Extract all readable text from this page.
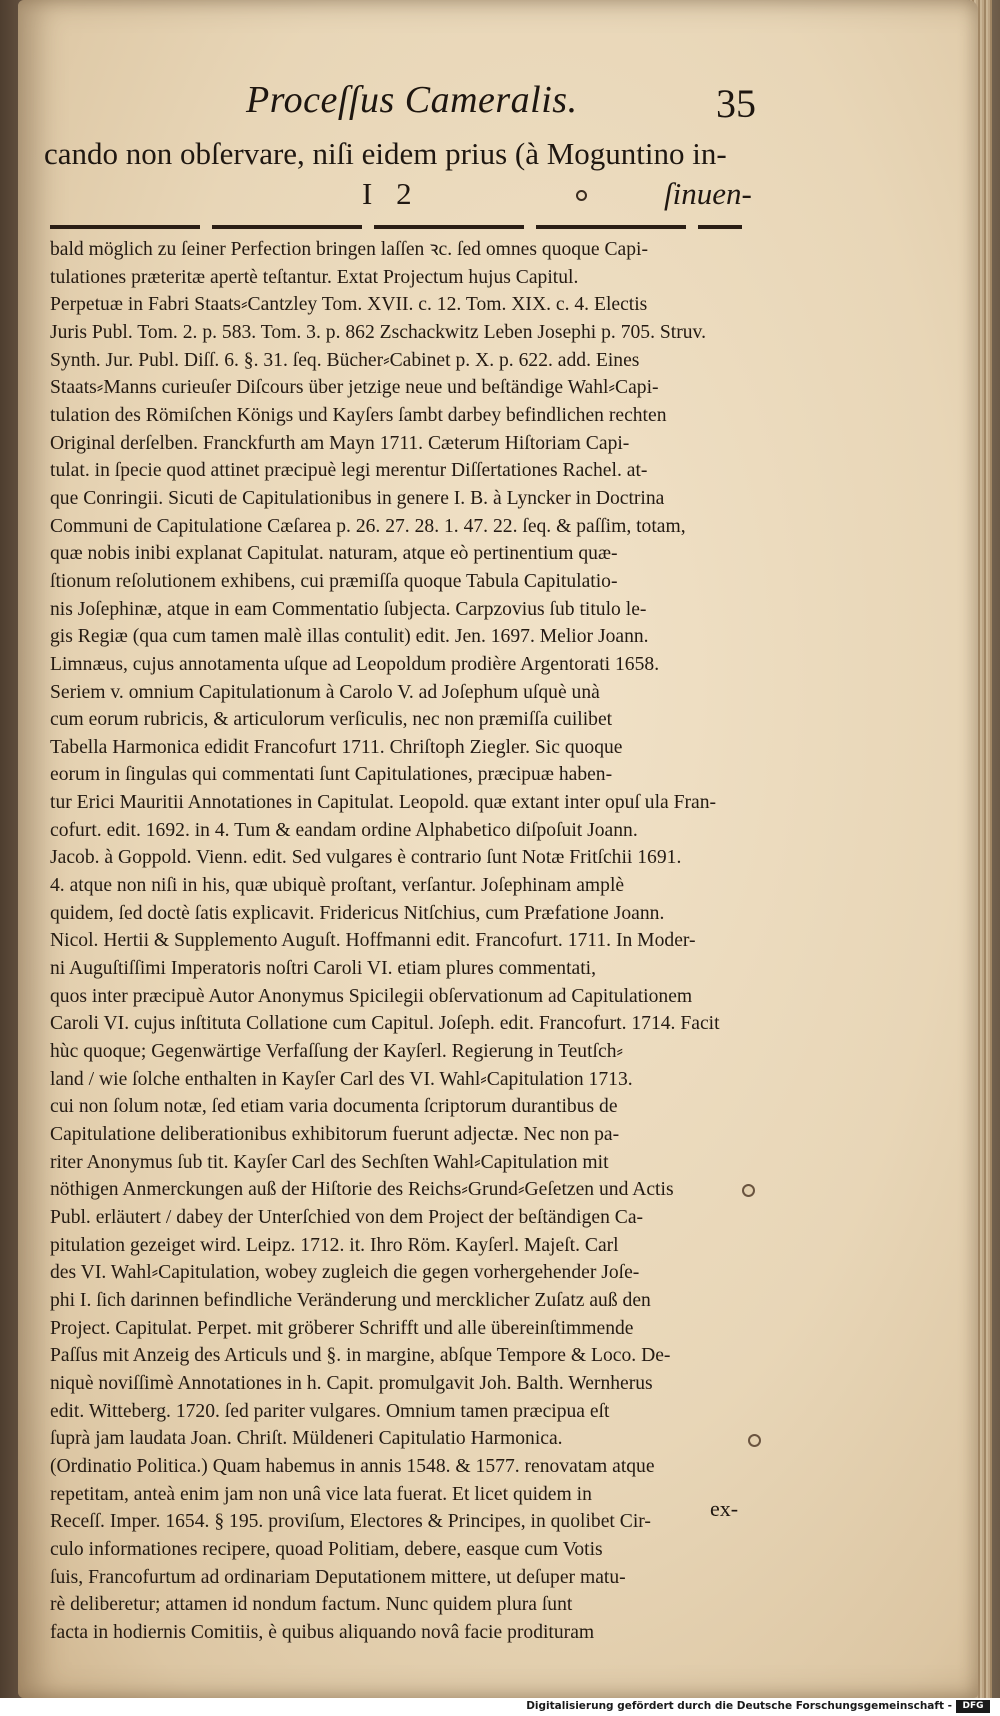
Proceſſus Cameralis.	35
cando non obſervare, niſi eidem prius (à Moguntino in-
I 2	ſinuen-
bald möglich zu ſeiner Perfection bringen laſſen ꝛc. ſed omnes quoque Capi-
tulationes præteritæ apertè teſtantur. Extat Projectum hujus Capitul.
Perpetuæ in Fabri Staats⸗Cantzley Tom. XVII. c. 12. Tom. XIX. c. 4. Electis
Juris Publ. Tom. 2. p. 583. Tom. 3. p. 862 Zschackwitz Leben Josephi p. 705. Struv.
Synth. Jur. Publ. Diſſ. 6. §. 31. ſeq. Bücher⸗Cabinet p. X. p. 622. add. Eines
Staats⸗Manns curieuſer Diſcours über jetzige neue und beſtändige Wahl⸗Capi-
tulation des Römiſchen Königs und Kayſers ſambt darbey befindlichen rechten
Original derſelben. Franckfurth am Mayn 1711. Cæterum Hiſtoriam Capi-
tulat. in ſpecie quod attinet præcipuè legi merentur Diſſertationes Rachel. at-
que Conringii. Sicuti de Capitulationibus in genere I. B. à Lyncker in Doctrina
Communi de Capitulatione Cæſarea p. 26. 27. 28. 1. 47. 22. ſeq. & paſſim, totam,
quæ nobis inibi explanat Capitulat. naturam, atque eò pertinentium quæ-
ſtionum reſolutionem exhibens, cui præmiſſa quoque Tabula Capitulatio-
nis Joſephinæ, atque in eam Commentatio ſubjecta. Carpzovius ſub titulo le-
gis Regiæ (qua cum tamen malè illas contulit) edit. Jen. 1697. Melior Joann.
Limnæus, cujus annotamenta uſque ad Leopoldum prodière Argentorati 1658.
Seriem v. omnium Capitulationum à Carolo V. ad Joſephum uſquè unà
cum eorum rubricis, & articulorum verſiculis, nec non præmiſſa cuilibet
Tabella Harmonica edidit Francofurt 1711. Chriſtoph Ziegler. Sic quoque
eorum in ſingulas qui commentati ſunt Capitulationes, præcipuæ haben-
tur Erici Mauritii Annotationes in Capitulat. Leopold. quæ extant inter opuſ ula Fran-
cofurt. edit. 1692. in 4. Tum & eandam ordine Alphabetico diſpoſuit Joann.
Jacob. à Goppold. Vienn. edit. Sed vulgares è contrario ſunt Notæ Fritſchii 1691.
4. atque non niſi in his, quæ ubiquè proſtant, verſantur. Joſephinam amplè
quidem, ſed doctè ſatis explicavit. Fridericus Nitſchius, cum Præfatione Joann.
Nicol. Hertii & Supplemento Auguſt. Hoffmanni edit. Francofurt. 1711. In Moder-
ni Auguſtiſſimi Imperatoris noſtri Caroli VI. etiam plures commentati,
quos inter præcipuè Autor Anonymus Spicilegii obſervationum ad Capitulationem
Caroli VI. cujus inſtituta Collatione cum Capitul. Joſeph. edit. Francofurt. 1714. Facit
hùc quoque; Gegenwärtige Verfaſſung der Kayſerl. Regierung in Teutſch⸗
land / wie ſolche enthalten in Kayſer Carl des VI. Wahl⸗Capitulation 1713.
cui non ſolum notæ, ſed etiam varia documenta ſcriptorum durantibus de
Capitulatione deliberationibus exhibitorum fuerunt adjectæ. Nec non pa-
riter Anonymus ſub tit. Kayſer Carl des Sechſten Wahl⸗Capitulation mit
nöthigen Anmerckungen auß der Hiſtorie des Reichs⸗Grund⸗Geſetzen und Actis
Publ. erläutert / dabey der Unterſchied von dem Project der beſtändigen Ca-
pitulation gezeiget wird. Leipz. 1712. it. Ihro Röm. Kayſerl. Majeſt. Carl
des VI. Wahl⸗Capitulation, wobey zugleich die gegen vorhergehender Joſe-
phi I. ſich darinnen befindliche Veränderung und mercklicher Zuſatz auß den
Project. Capitulat. Perpet. mit gröberer Schrifft und alle übereinſtimmende
Paſſus mit Anzeig des Articuls und §. in margine, abſque Tempore & Loco. De-
niquè noviſſimè Annotationes in h. Capit. promulgavit Joh. Balth. Wernherus
edit. Witteberg. 1720. ſed pariter vulgares. Omnium tamen præcipua eſt
ſuprà jam laudata Joan. Chriſt. Müldeneri Capitulatio Harmonica.
(Ordinatio Politica.) Quam habemus in annis 1548. & 1577. renovatam atque
repetitam, anteà enim jam non unâ vice lata fuerat. Et licet quidem in
Receſſ. Imper. 1654. § 195. proviſum, Electores & Principes, in quolibet Cir-
culo informationes recipere, quoad Politiam, debere, easque cum Votis
ſuis, Francofurtum ad ordinariam Deputationem mittere, ut deſuper matu-
rè deliberetur; attamen id nondum factum. Nunc quidem plura ſunt
facta in hodiernis Comitiis, è quibus aliquando novâ facie prodituram
ex-
Digitalisierung gefördert durch die Deutsche Forschungsgemeinschaft -	DFG
